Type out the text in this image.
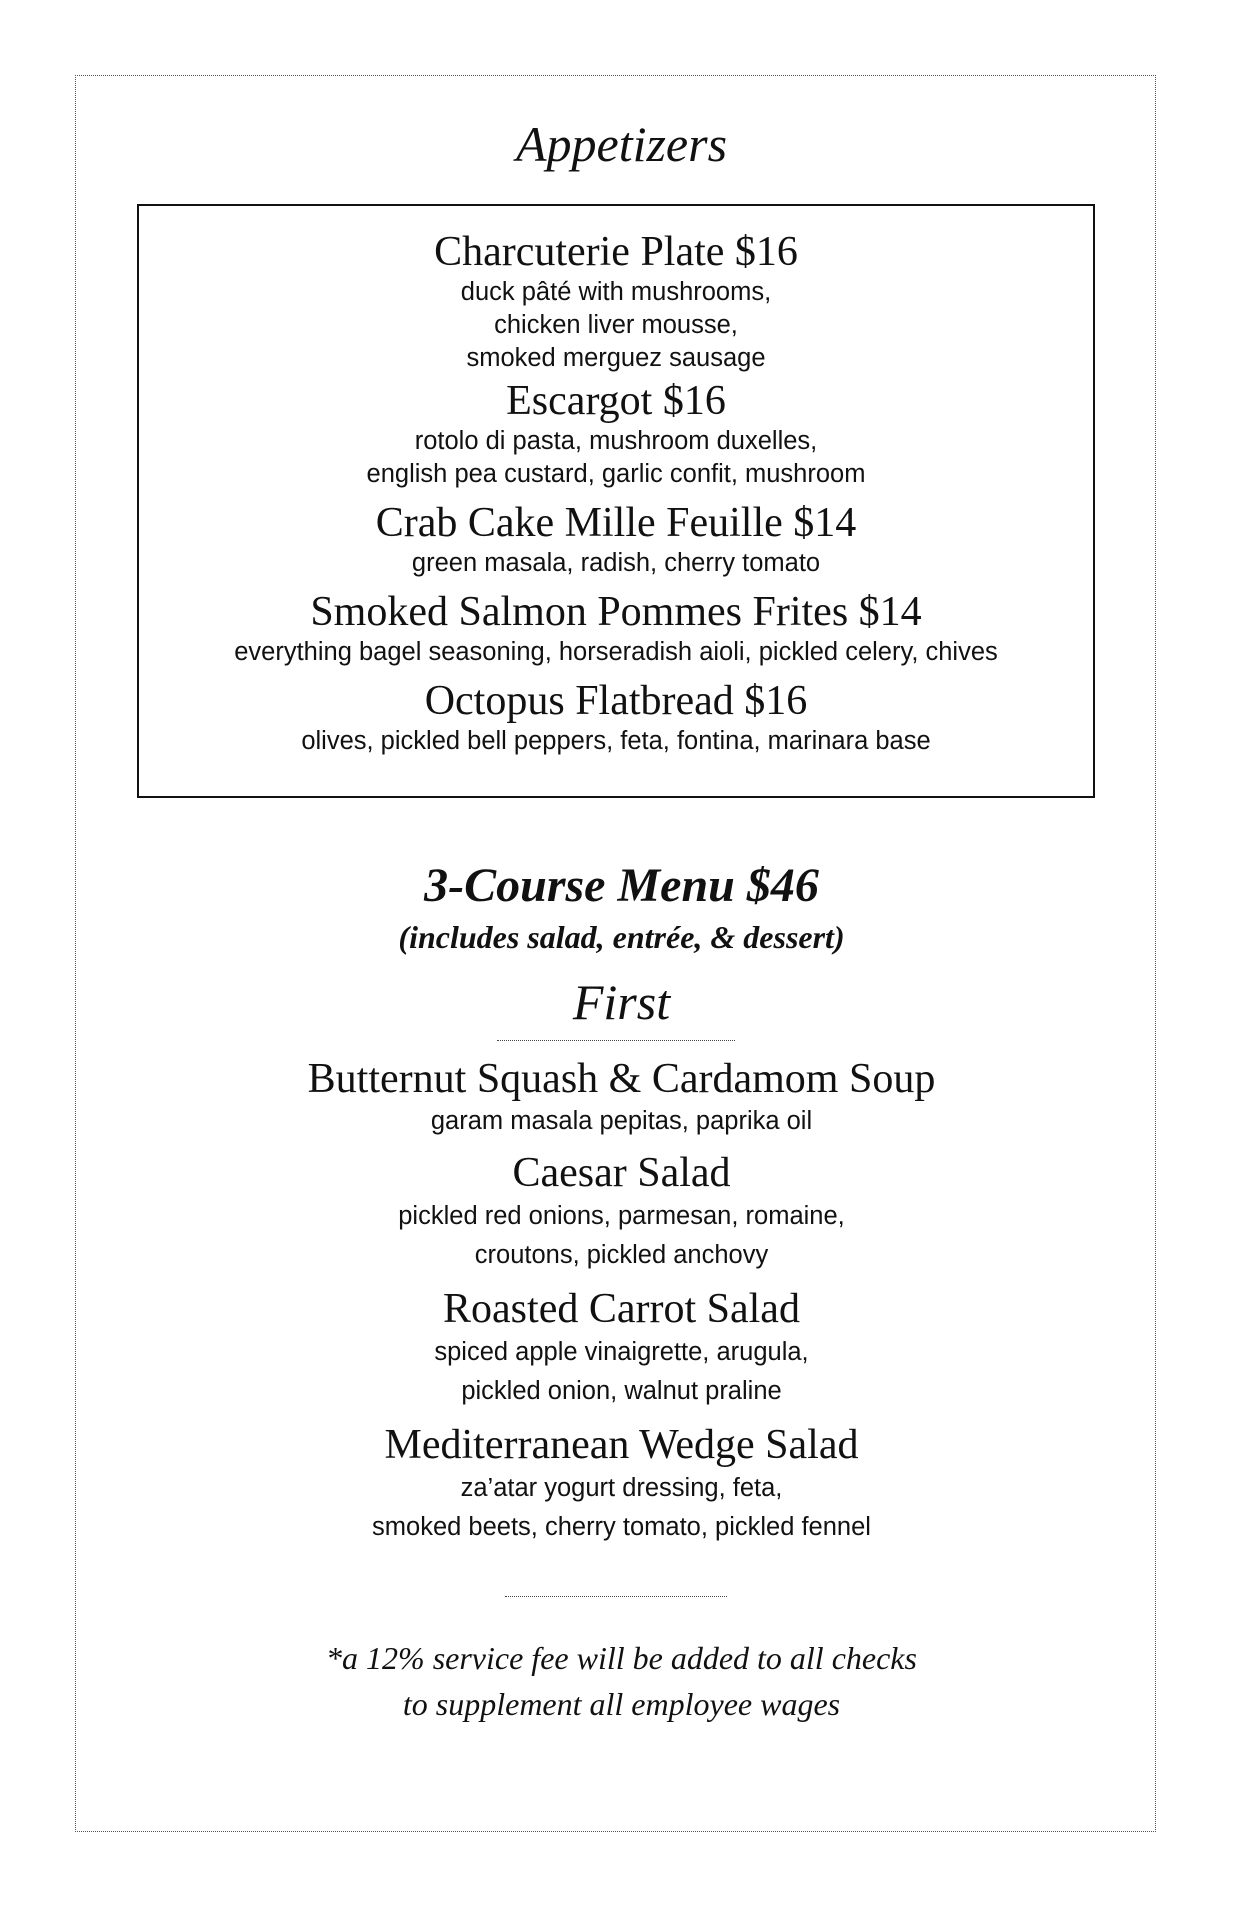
Appetizers

Charcuterie Plate $16

duck pâté with mushrooms,

chicken liver mousse,

smoked merguez sausage

Escargot $16

rotolo di pasta, mushroom duxelles,

english pea custard, garlic confit, mushroom

Crab Cake Mille Feuille $14

green masala, radish, cherry tomato

Smoked Salmon Pommes Frites $14

everything bagel seasoning, horseradish aioli, pickled celery, chives

Octopus Flatbread $16

olives, pickled bell peppers, feta, fontina, marinara base

3-Course Menu $46
(includes salad, entrée, & dessert)
First

Butternut Squash & Cardamom Soup

garam masala pepitas, paprika oil

Caesar Salad

pickled red onions, parmesan, romaine,

croutons, pickled anchovy

Roasted Carrot Salad

spiced apple vinaigrette, arugula,

pickled onion, walnut praline

Mediterranean Wedge Salad

za’atar yogurt dressing, feta,

smoked beets, cherry tomato, pickled fennel

*a 12% service fee will be added to all checks
to supplement all employee wages
